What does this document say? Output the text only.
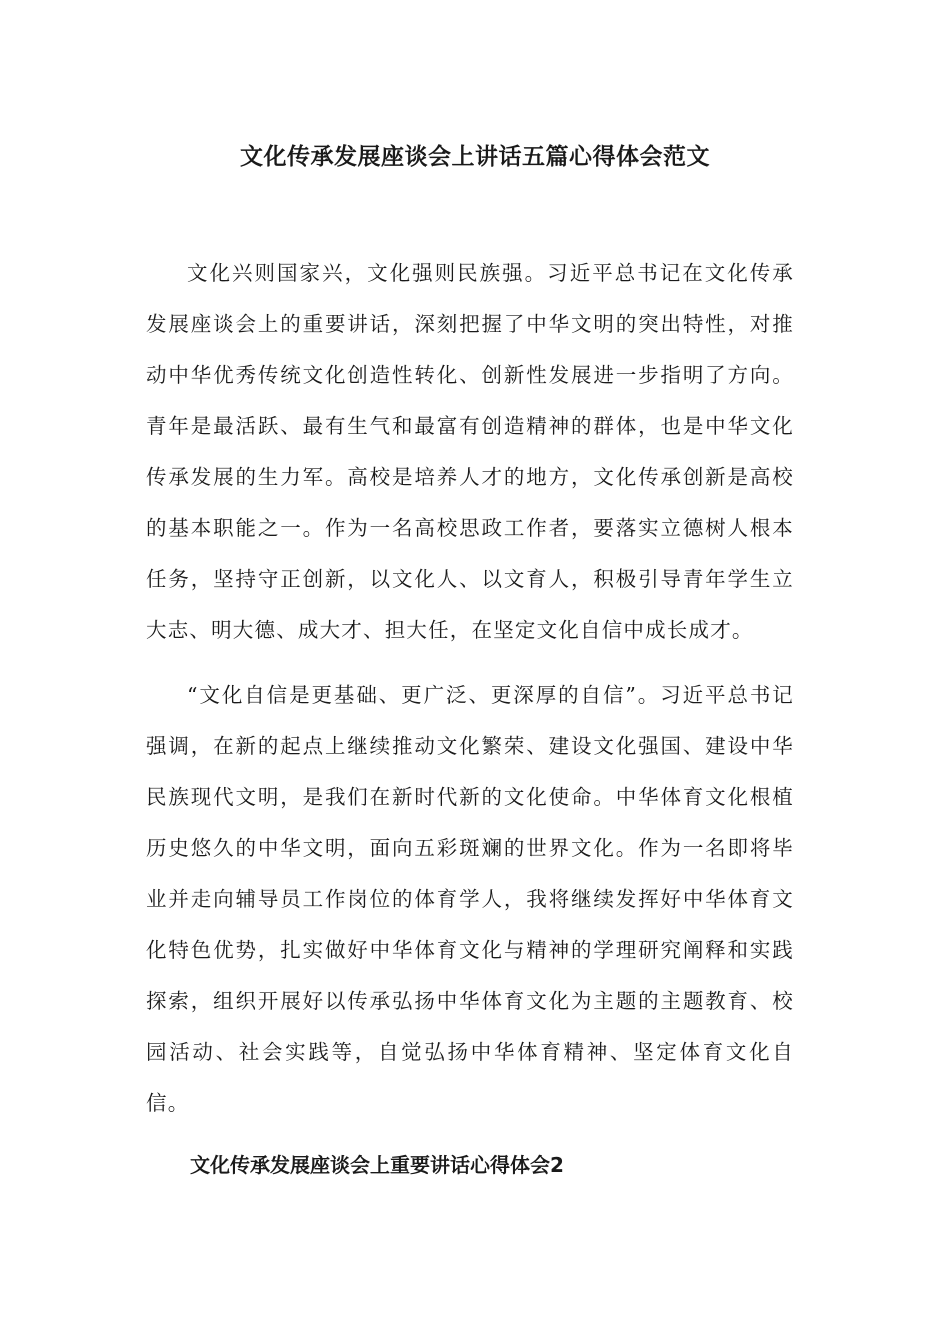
文化传承发展座谈会上讲话五篇心得体会范文

文化兴则国家兴，文化强则民族强。习近平总书记在文化传承发展座谈会上的重要讲话，深刻把握了中华文明的突出特性，对推动中华优秀传统文化创造性转化、创新性发展进一步指明了方向。青年是最活跃、最有生气和最富有创造精神的群体，也是中华文化传承发展的生力军。高校是培养人才的地方，文化传承创新是高校的基本职能之一。作为一名高校思政工作者，要落实立德树人根本任务，坚持守正创新，以文化人、以文育人，积极引导青年学生立大志、明大德、成大才、担大任，在坚定文化自信中成长成才。

“文化自信是更基础、更广泛、更深厚的自信”。习近平总书记强调，在新的起点上继续推动文化繁荣、建设文化强国、建设中华民族现代文明，是我们在新时代新的文化使命。中华体育文化根植历史悠久的中华文明，面向五彩斑斓的世界文化。作为一名即将毕业并走向辅导员工作岗位的体育学人，我将继续发挥好中华体育文化特色优势，扎实做好中华体育文化与精神的学理研究阐释和实践探索，组织开展好以传承弘扬中华体育文化为主题的主题教育、校园活动、社会实践等，自觉弘扬中华体育精神、坚定体育文化自信。

文化传承发展座谈会上重要讲话心得体会2
